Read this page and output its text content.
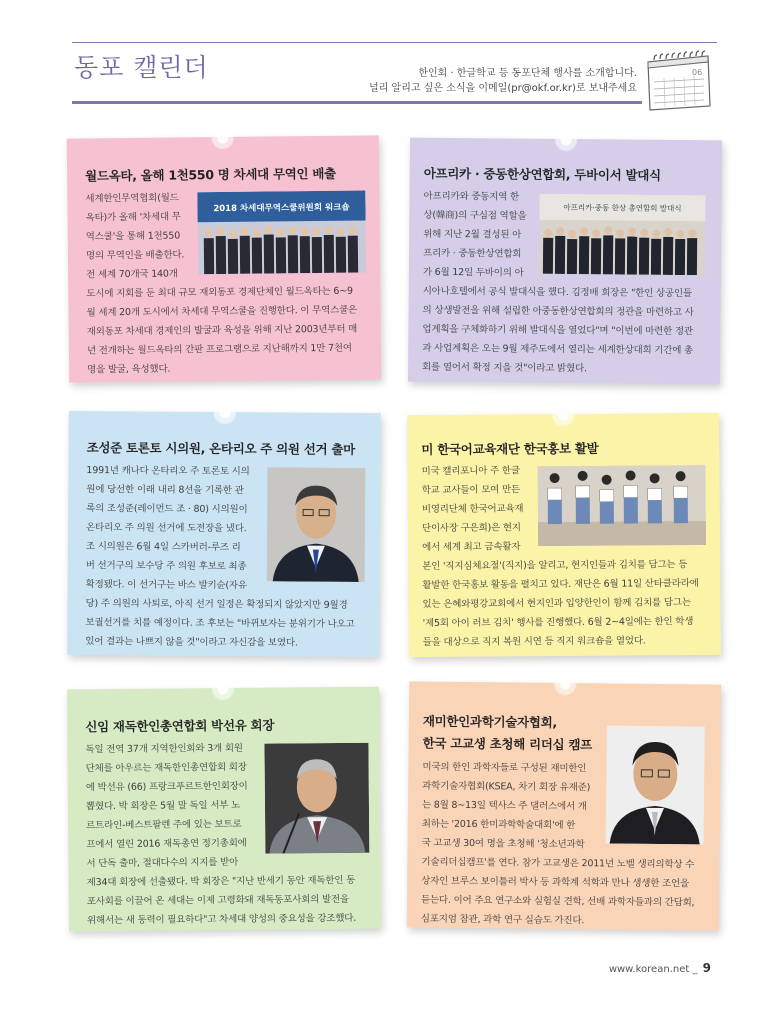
동포 캘린더	한인회 · 한글학교 등 동포단체 행사를 소개합니다.
널리 알리고 싶은 소식을 이메일(pr@okf.or.kr)로 보내주세요
06
월드옥타, 올해 1천550 명 차세대 무역인 배출
세계한인무역협회(월드
옥타)가 올해 '차세대 무
역스쿨'을 통해 1천550
명의 무역인을 배출한다.
전 세계 70개국 140개
도시에 지회를 둔 최대 규모 재외동포 경제단체인 월드옥타는 6~9
월 세계 20개 도시에서 차세대 무역스쿨을 진행한다. 이 무역스쿨은
재외동포 차세대 경제인의 발굴과 육성을 위해 지난 2003년부터 매
년 전개하는 월드옥타의 간판 프로그램으로 지난해까지 1만 7천여
명을 발굴, 육성했다.
2018 차세대무역스쿨위원회 워크숍
아프리카 · 중동한상연합회, 두바이서 발대식
아프리카와 중동지역 한
상(韓商)의 구심점 역할을
위해 지난 2월 결성된 아
프리카 · 중동한상연합회
가 6월 12일 두바이의 아
시아나호텔에서 공식 발대식을 했다. 김정배 회장은 "한인 상공인들
의 상생발전을 위해 설립한 아중동한상연합회의 정관을 마련하고 사
업계획을 구체화하기 위해 발대식을 열었다"며 "이번에 마련한 정관
과 사업계획은 오는 9월 제주도에서 열리는 세계한상대회 기간에 총
회를 열어서 확정 지을 것"이라고 밝혔다.
아프리카·중동 한상 총연합회 발대식
조성준 토론토 시의원, 온타리오 주 의원 선거 출마
1991년 캐나다 온타리오 주 토론토 시의
원에 당선한 이래 내리 8선을 기록한 관
록의 조성준(레이먼드 조 · 80) 시의원이
온타리오 주 의원 선거에 도전장을 냈다.
조 시의원은 6월 4일 스카버러-루즈 리
버 선거구의 보수당 주 의원 후보로 최종
확정됐다. 이 선거구는 바스 발키슌(자유
당) 주 의원의 사퇴로, 아직 선거 일정은 확정되지 않았지만 9월경
보궐선거를 치를 예정이다. 조 후보는 "바뀌보자는 분위기가 나오고
있어 결과는 나쁘지 않을 것"이라고 자신감을 보였다.
미 한국어교육재단 한국홍보 활발
미국 캘리포니아 주 한글
학교 교사들이 모여 만든
비영리단체 한국어교육재
단이사장 구은희)은 현지
에서 세계 최고 금속활자
본인 '직지심체요절'(직지)을 알리고, 현지인들과 김치를 담그는 등
활발한 한국홍보 활동을 펼치고 있다. 재단은 6월 11일 산타클라라에
있는 은혜와평강교회에서 현지인과 입양한인이 함께 김치를 담그는
'제5회 아이 러브 김치' 행사를 진행했다. 6월 2~4일에는 한인 학생
들을 대상으로 직지 복원 시연 등 직지 워크숍을 열었다.
신임 재독한인총연합회 박선유 회장
독일 전역 37개 지역한인회와 3개 회원
단체를 아우르는 재독한인총연합회 회장
에 박선유 (66) 프랑크푸르트한인회장이
뽑혔다. 박 회장은 5월 말 독일 서부 노
르트라인-베스트팔렌 주에 있는 보트로
프에서 열린 2016 재독총연 정기총회에
서 단독 출마, 절대다수의 지지를 받아
제34대 회장에 선출됐다. 박 회장은 "지난 반세기 동안 재독한인 동
포사회를 이끌어 온 세대는 이제 고령화돼 재독동포사회의 발전을
위해서는 새 동력이 필요하다"고 차세대 양성의 중요성을 강조했다.
재미한인과학기술자협회,
한국 고교생 초청해 리더십 캠프
미국의 한인 과학자들로 구성된 재미한인
과학기술자협회(KSEA, 차기 회장 유재준)
는 8월 8~13일 텍사스 주 댈러스에서 개
최하는 '2016 한미과학학술대회'에 한
국 고교생 30여 명을 초청해 '청소년과학
기술리더십캠프'를 연다. 참가 고교생은 2011년 노벨 생리의학상 수
상자인 브루스 보이틀러 박사 등 과학계 석학과 만나 생생한 조언을
듣는다. 이어 주요 연구소와 실험실 견학, 선배 과학자들과의 간담회,
심포지엄 참관, 과학 연구 실습도 가진다.
www.korean.net _ 9
